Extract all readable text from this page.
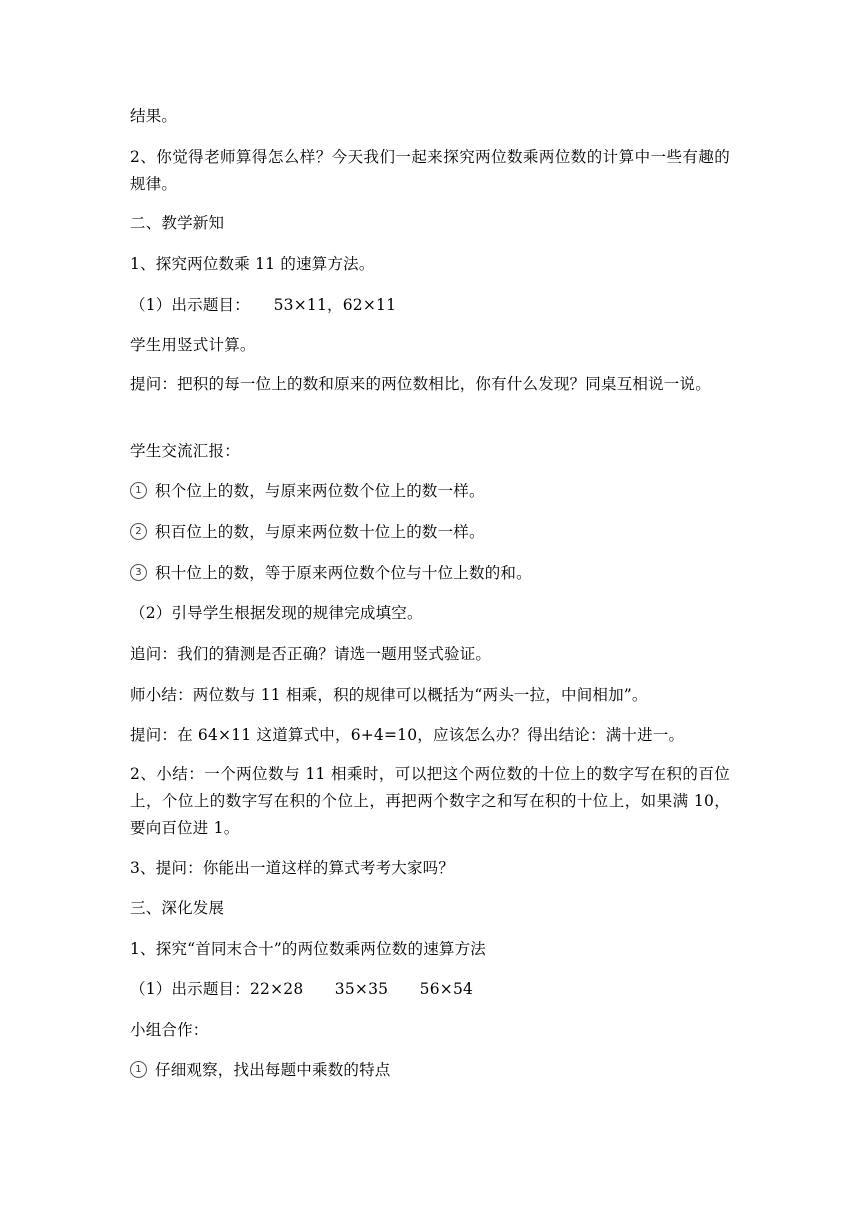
结果。
2、你觉得老师算得怎么样？今天我们一起来探究两位数乘两位数的计算中一些有趣的规律。
二、教学新知
1、探究两位数乘 11 的速算方法。
（1）出示题目：　　53×11，62×11
学生用竖式计算。
提问：把积的每一位上的数和原来的两位数相比，你有什么发现？同桌互相说一说。
学生交流汇报：
1 积个位上的数，与原来两位数个位上的数一样。
2 积百位上的数，与原来两位数十位上的数一样。
3 积十位上的数，等于原来两位数个位与十位上数的和。
（2）引导学生根据发现的规律完成填空。
追问：我们的猜测是否正确？请选一题用竖式验证。
师小结：两位数与 11 相乘，积的规律可以概括为“两头一拉，中间相加”。
提问：在 64×11 这道算式中，6+4=10，应该怎么办？得出结论：满十进一。
2、小结：一个两位数与 11 相乘时，可以把这个两位数的十位上的数字写在积的百位上，个位上的数字写在积的个位上，再把两个数字之和写在积的十位上，如果满 10，要向百位进 1。
3、提问：你能出一道这样的算式考考大家吗？
三、深化发展
1、探究“首同末合十”的两位数乘两位数的速算方法
（1）出示题目：22×28　　35×35　　56×54
小组合作：
1 仔细观察，找出每题中乘数的特点
